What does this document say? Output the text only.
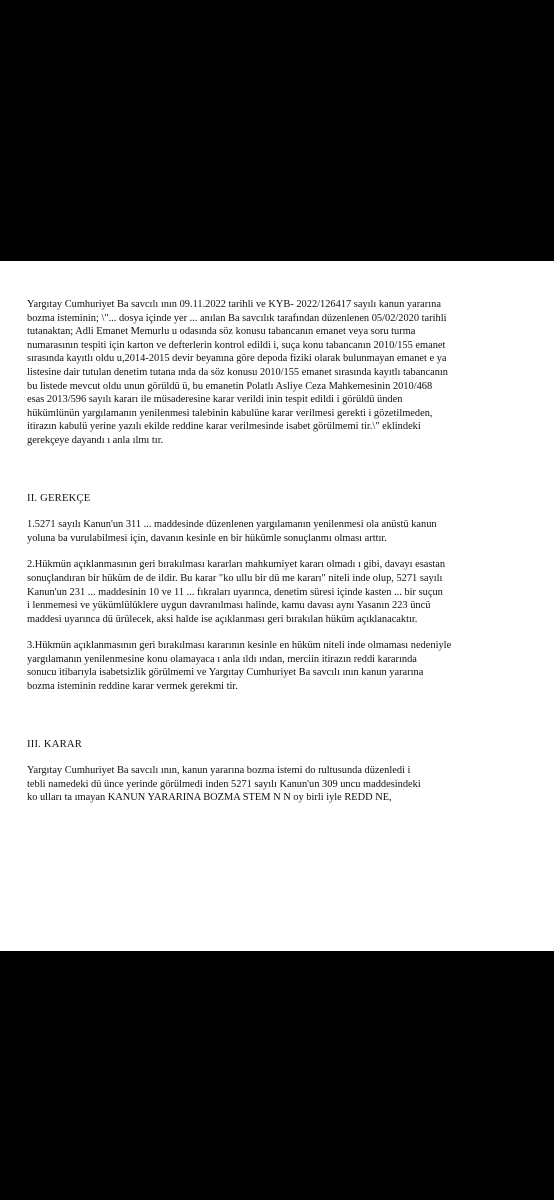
Yargıtay Cumhuriyet Ba savcılı ının 09.11.2022 tarihli ve KYB- 2022/126417 sayılı kanun yararına
bozma isteminin; \"... dosya içinde yer ... anılan Ba savcılık tarafından düzenlenen 05/02/2020 tarihli
tutanaktan; Adli Emanet Memurlu u odasında söz konusu tabancanın emanet veya soru turma
numarasının tespiti için karton ve defterlerin kontrol edildi i, suça konu tabancanın 2010/155 emanet
sırasında kayıtlı oldu u,2014-2015 devir beyanına göre depoda fiziki olarak bulunmayan emanet e ya
listesine dair tutulan denetim tutana ında da söz konusu 2010/155 emanet sırasında kayıtlı tabancanın
bu listede mevcut oldu unun görüldü ü, bu emanetin Polatlı Asliye Ceza Mahkemesinin 2010/468
esas 2013/596 sayılı kararı ile müsaderesine karar verildi inin tespit edildi i görüldü ünden
hükümlünün yargılamanın yenilenmesi talebinin kabulüne karar verilmesi gerekti i gözetilmeden,
itirazın kabulü yerine yazılı ekilde reddine karar verilmesinde isabet görülmemi tir.\" eklindeki
gerekçeye dayandı ı anla ılmı tır.

II. GEREKÇE

1.5271 sayılı Kanun'un 311 ... maddesinde düzenlenen yargılamanın yenilenmesi ola anüstü kanun
yoluna ba vurulabilmesi için, davanın kesinle en bir hükümle sonuçlanmı olması arttır.

2.Hükmün açıklanmasının geri bırakılması kararları mahkumiyet kararı olmadı ı gibi, davayı esastan
sonuçlandıran bir hüküm de de ildir. Bu karar "ko ullu bir dü me kararı" niteli inde olup, 5271 sayılı
Kanun'un 231 ... maddesinin 10 ve 11 ... fıkraları uyarınca, denetim süresi içinde kasten ... bir suçun
i lenmemesi ve yükümlülüklere uygun davranılması halinde, kamu davası aynı Yasanın 223 üncü
maddesi uyarınca dü ürülecek, aksi halde ise açıklanması geri bırakılan hüküm açıklanacaktır.

3.Hükmün açıklanmasının geri bırakılması kararının kesinle en hüküm niteli inde olmaması nedeniyle
yargılamanın yenilenmesine konu olamayaca ı anla ıldı ından, merciin itirazın reddi kararında
sonucu itibarıyla isabetsizlik görülmemi ve Yargıtay Cumhuriyet Ba savcılı ının kanun yararına
bozma isteminin reddine karar vermek gerekmi tir.

III. KARAR

Yargıtay Cumhuriyet Ba savcılı ının, kanun yararına bozma istemi do rultusunda düzenledi i
tebli namedeki dü ünce yerinde görülmedi inden 5271 sayılı Kanun'un 309 uncu maddesindeki
ko ulları ta ımayan KANUN YARARINA BOZMA STEM N N oy birli iyle REDD NE,
